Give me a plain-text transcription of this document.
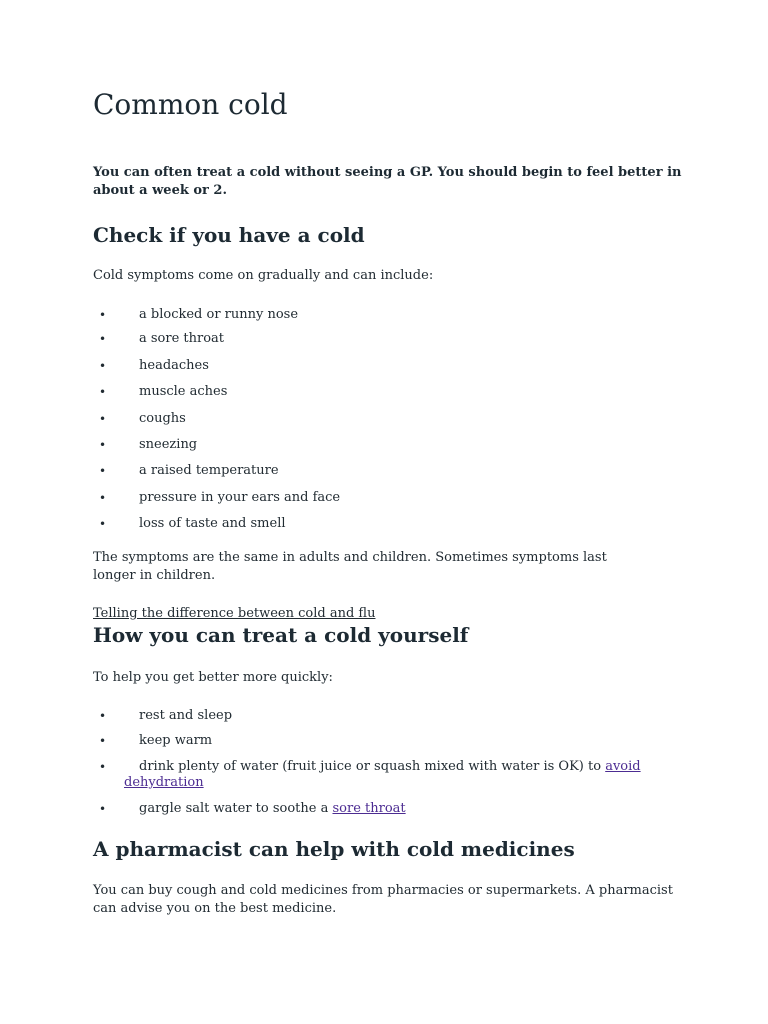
Common cold

You can often treat a cold without seeing a GP. You should begin to feel better in about a week or 2.

Check if you have a cold

Cold symptoms come on gradually and can include:

•	a blocked or runny nose
•	a sore throat
•	headaches
•	muscle aches
•	coughs
•	sneezing
•	a raised temperature
•	pressure in your ears and face
•	loss of taste and smell

The symptoms are the same in adults and children. Sometimes symptoms last longer in children.

Telling the difference between cold and flu

How you can treat a cold yourself

To help you get better more quickly:

•	rest and sleep
•	keep warm
•	drink plenty of water (fruit juice or squash mixed with water is OK) to avoid dehydration
•	gargle salt water to soothe a sore throat
A pharmacist can help with cold medicines

You can buy cough and cold medicines from pharmacies or supermarkets. A pharmacist can advise you on the best medicine.
